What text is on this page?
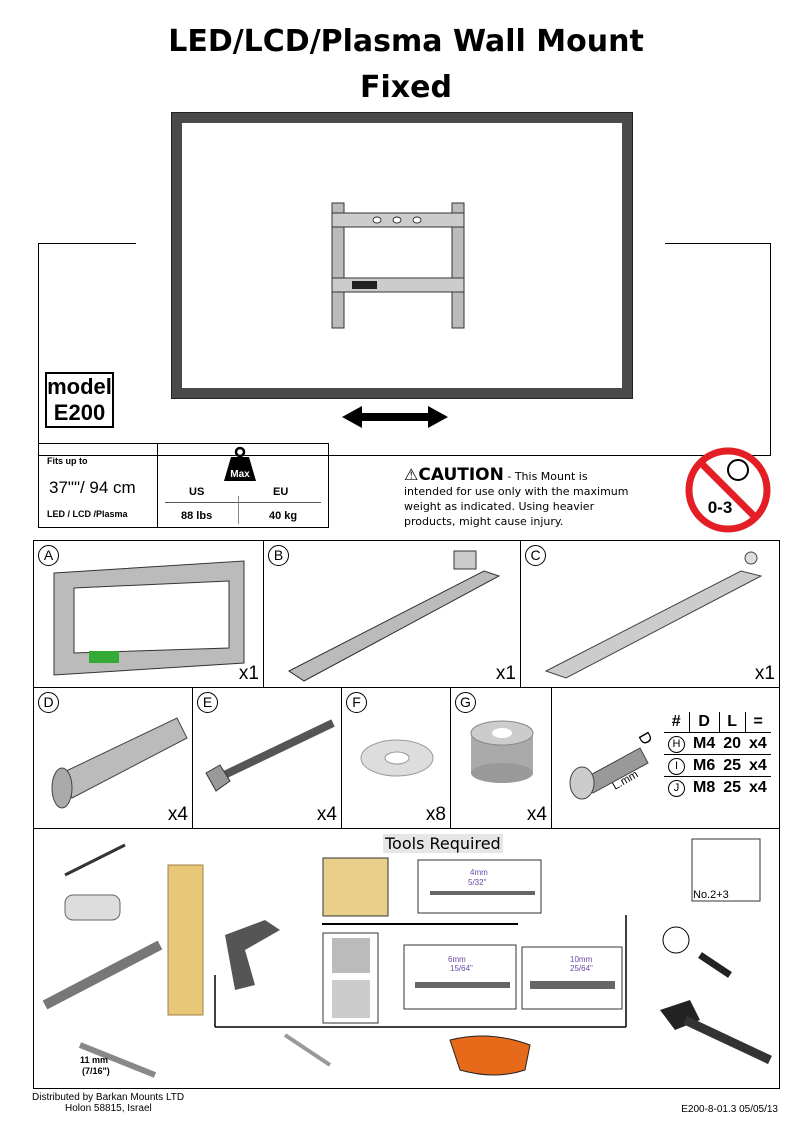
LED/LCD/Plasma Wall Mount
Fixed
model
E200
Fits up to
37""/ 94 cm
LED / LCD /Plasma
Max
US	EU
88 lbs	40 kg
⚠CAUTION - This Mount is intended for use only with the maximum weight as indicated. Using heavier products, might cause injury.
0-3
A
x1
B
x1
C
x1
D
x4
E
x4
F
x8
G
x4
D
L.mm
#	D	L	=
H	M4	20	x4
I	M6	25	x4
J	M8	25	x4
Tools Required
4mm
5/32"
6mm
15/64"
10mm
25/64"
No.2+3
11 mm
(7/16")
Distributed by Barkan Mounts LTD
Holon 58815, Israel	E200-8-01.3 05/05/13
